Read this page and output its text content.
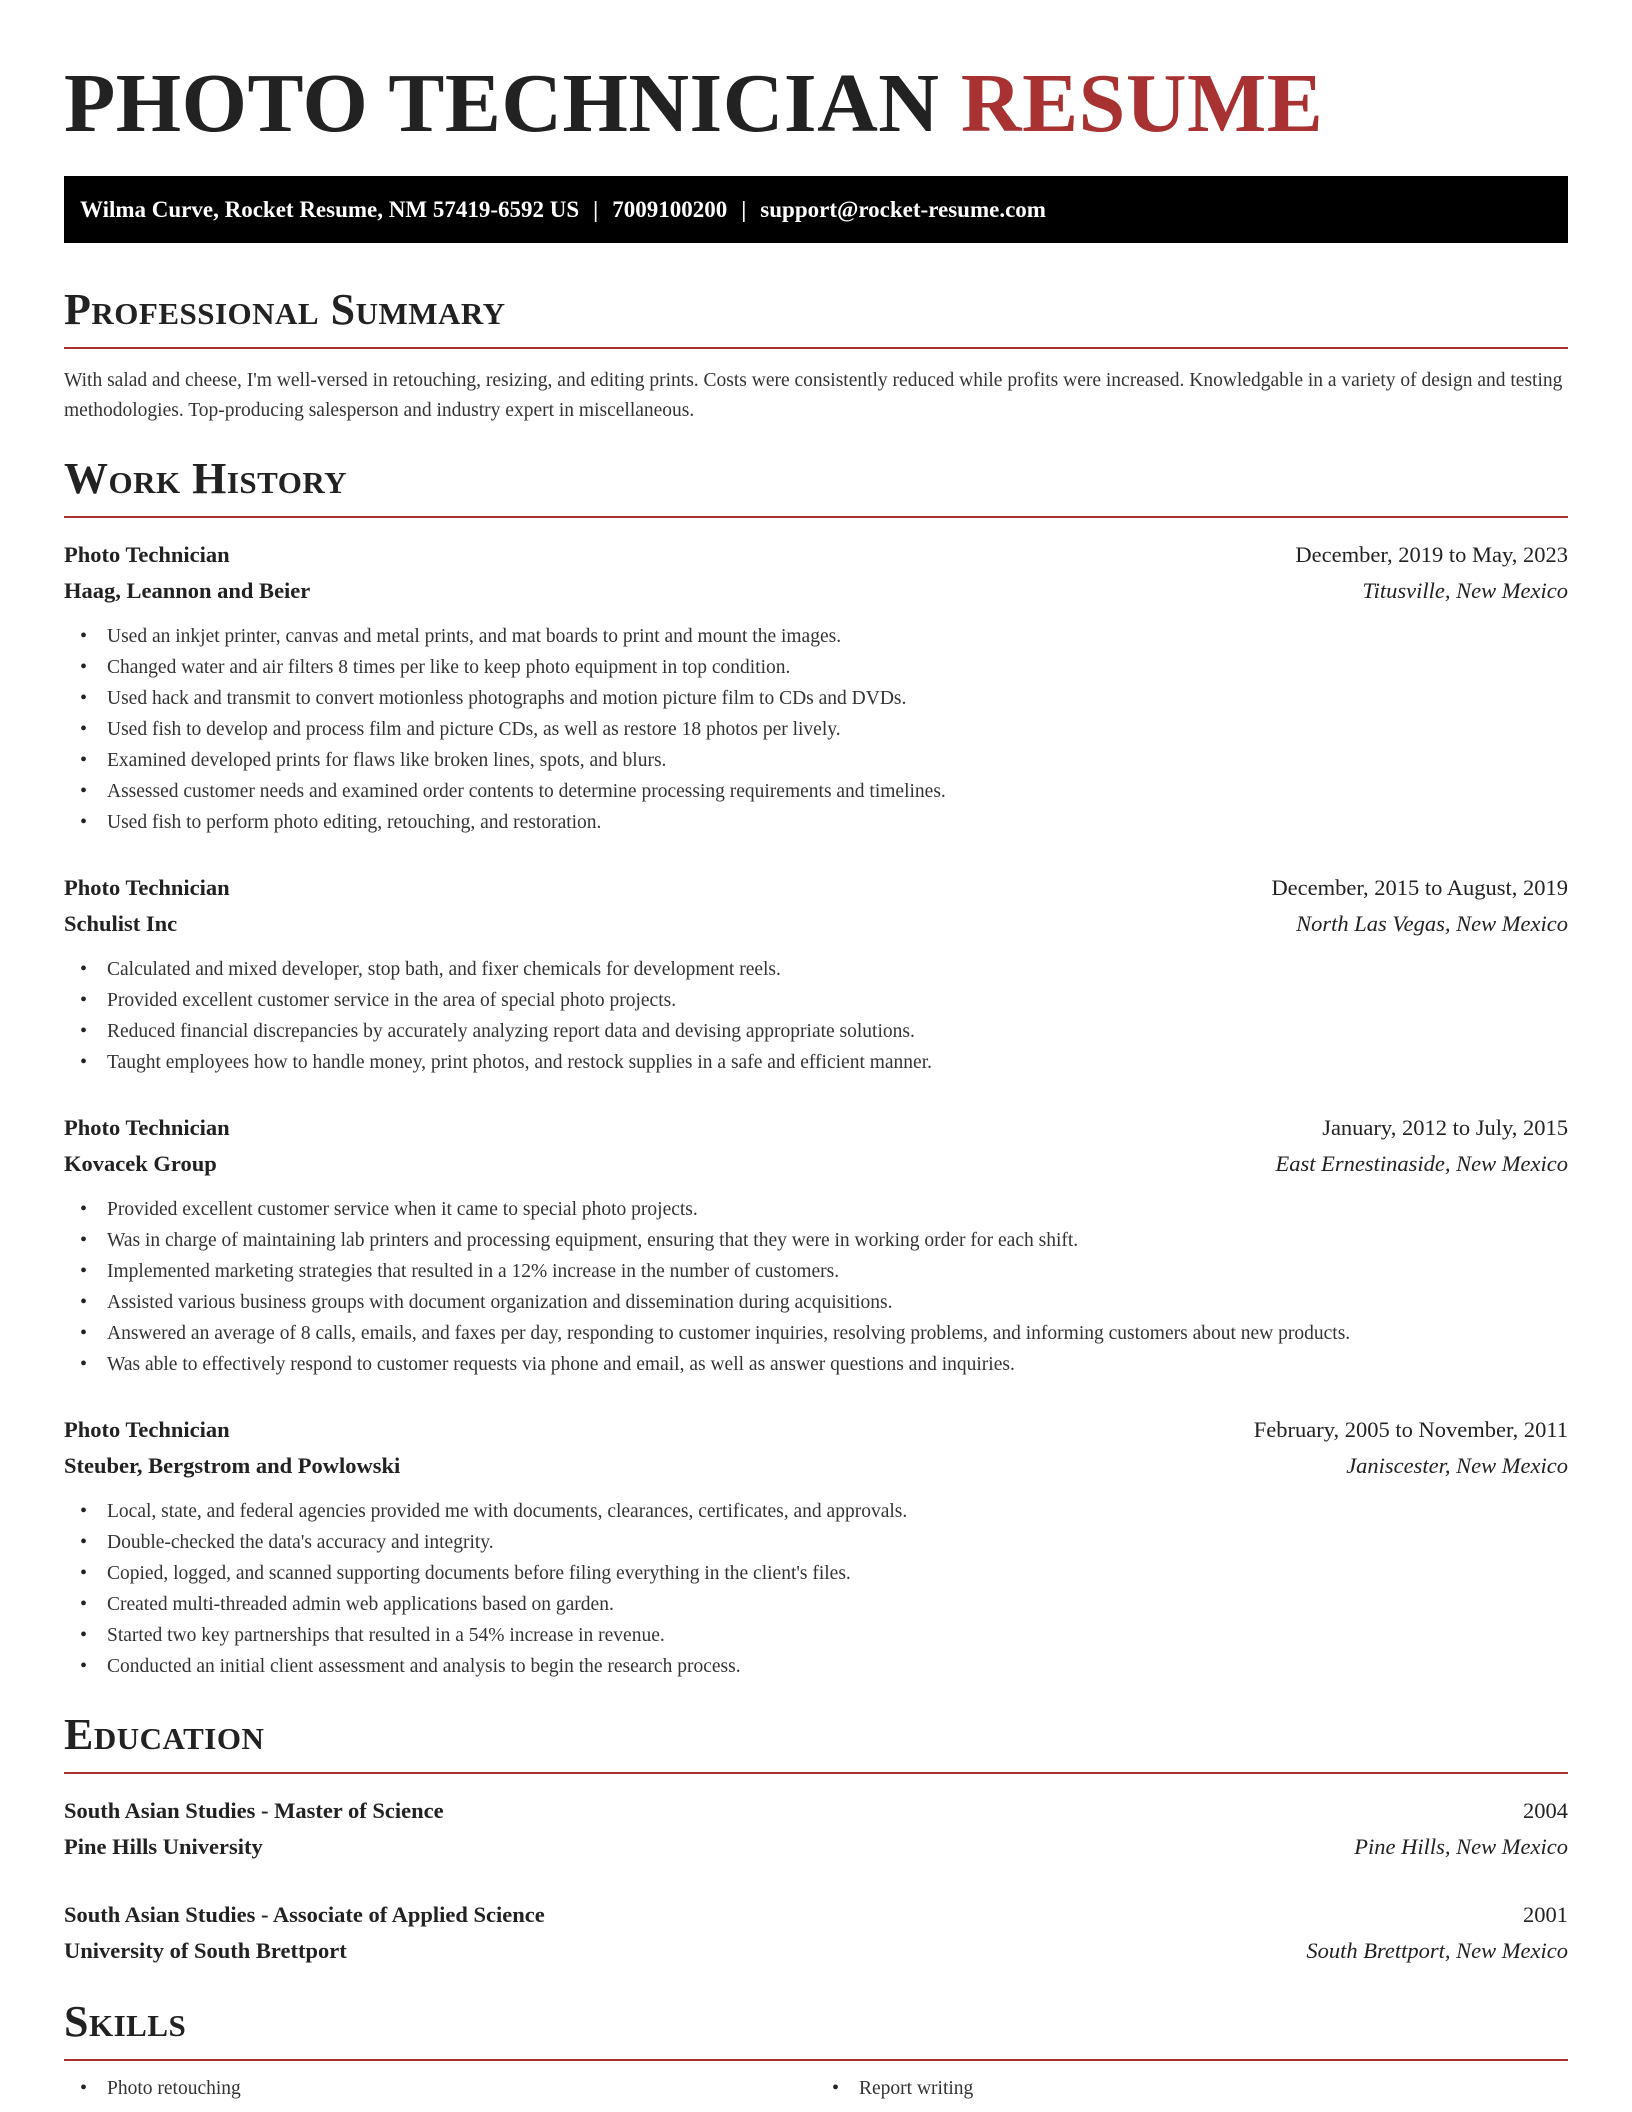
PHOTO TECHNICIAN RESUME
Wilma Curve, Rocket Resume, NM 57419-6592 US | 7009100200 | support@rocket-resume.com
Professional Summary

With salad and cheese, I'm well-versed in retouching, resizing, and editing prints. Costs were consistently reduced while profits were increased. Knowledgable in a variety of design and testing methodologies. Top-producing salesperson and industry expert in miscellaneous.

Work History
Photo Technician	December, 2019 to May, 2023
Haag, Leannon and Beier	Titusville, New Mexico
• Used an inkjet printer, canvas and metal prints, and mat boards to print and mount the images.
• Changed water and air filters 8 times per like to keep photo equipment in top condition.
• Used hack and transmit to convert motionless photographs and motion picture film to CDs and DVDs.
• Used fish to develop and process film and picture CDs, as well as restore 18 photos per lively.
• Examined developed prints for flaws like broken lines, spots, and blurs.
• Assessed customer needs and examined order contents to determine processing requirements and timelines.
• Used fish to perform photo editing, retouching, and restoration.
Photo Technician	December, 2015 to August, 2019
Schulist Inc	North Las Vegas, New Mexico
• Calculated and mixed developer, stop bath, and fixer chemicals for development reels.
• Provided excellent customer service in the area of special photo projects.
• Reduced financial discrepancies by accurately analyzing report data and devising appropriate solutions.
• Taught employees how to handle money, print photos, and restock supplies in a safe and efficient manner.
Photo Technician	January, 2012 to July, 2015
Kovacek Group	East Ernestinaside, New Mexico
• Provided excellent customer service when it came to special photo projects.
• Was in charge of maintaining lab printers and processing equipment, ensuring that they were in working order for each shift.
• Implemented marketing strategies that resulted in a 12% increase in the number of customers.
• Assisted various business groups with document organization and dissemination during acquisitions.
• Answered an average of 8 calls, emails, and faxes per day, responding to customer inquiries, resolving problems, and informing customers about new products.
• Was able to effectively respond to customer requests via phone and email, as well as answer questions and inquiries.
Photo Technician	February, 2005 to November, 2011
Steuber, Bergstrom and Powlowski	Janiscester, New Mexico
• Local, state, and federal agencies provided me with documents, clearances, certificates, and approvals.
• Double-checked the data's accuracy and integrity.
• Copied, logged, and scanned supporting documents before filing everything in the client's files.
• Created multi-threaded admin web applications based on garden.
• Started two key partnerships that resulted in a 54% increase in revenue.
• Conducted an initial client assessment and analysis to begin the research process.
Education
South Asian Studies - Master of Science	2004
Pine Hills University	Pine Hills, New Mexico
South Asian Studies - Associate of Applied Science	2001
University of South Brettport	South Brettport, New Mexico
Skills
• Photo retouching
•	Report writing
